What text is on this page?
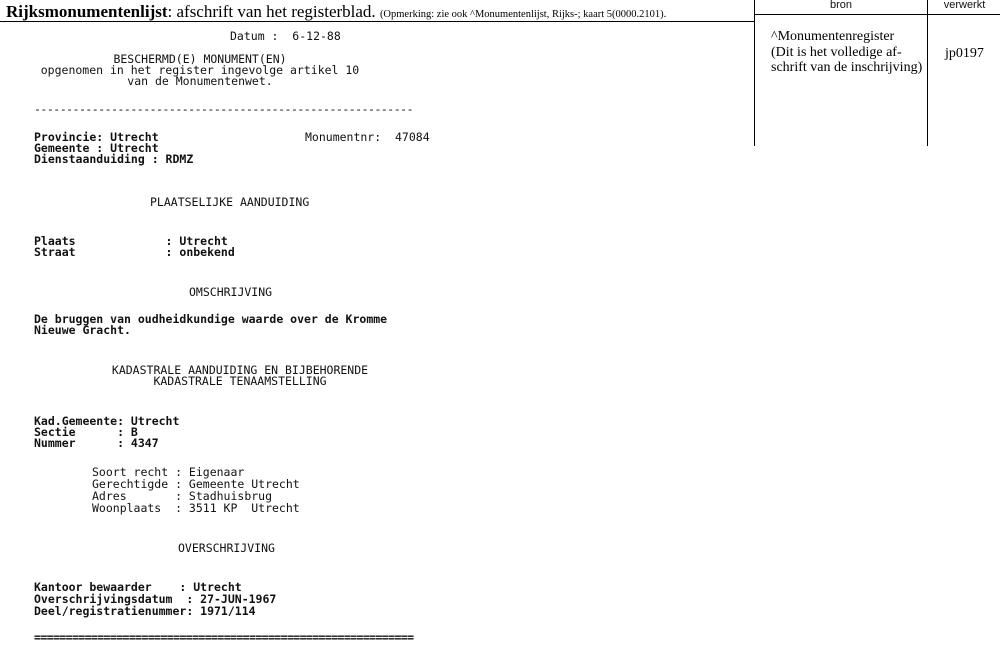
Rijksmonumentenlijst: afschrift van het registerblad. (Opmerking: zie ook ^Monumentenlijst, Rijks-; kaart 5(0000.2101).
bron	verwerkt
^Monumentenregister
(Dit is het volledige af-
schrift van de inschrijving)
jp0197
Datum :  6-12-88
BESCHERMD(E) MONUMENT(EN)
opgenomen in het register ingevolge artikel 10
van de Monumentenwet.
-----------------------------------------------------------
Provincie: Utrecht	Monumentnr:  47084
Gemeente : Utrecht
Dienstaanduiding : RDMZ
PLAATSELIJKE AANDUIDING
Plaats             : Utrecht
Straat             : onbekend
OMSCHRIJVING
De bruggen van oudheidkundige waarde over de Kromme
Nieuwe Gracht.
KADASTRALE AANDUIDING EN BIJBEHORENDE
KADASTRALE TENAAMSTELLING
Kad.Gemeente: Utrecht
Sectie      : B
Nummer      : 4347
Soort recht : Eigenaar
Gerechtigde : Gemeente Utrecht
Adres       : Stadhuisbrug
Woonplaats  : 3511 KP  Utrecht
OVERSCHRIJVING
Kantoor bewaarder    : Utrecht
Overschrijvingsdatum  : 27-JUN-1967
Deel/registratienummer: 1971/114
============================================================
